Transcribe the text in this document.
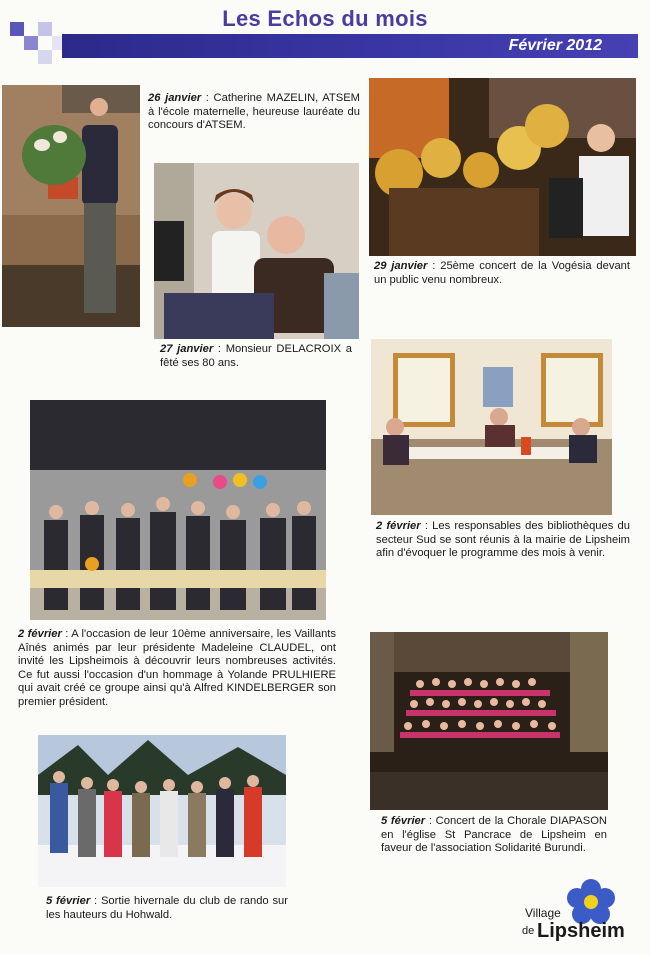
Les Echos du mois
Février 2012
26 janvier : Catherine MAZELIN, ATSEM à l'école maternelle, heureuse lauréate du concours d'ATSEM.
27 janvier : Monsieur DELACROIX a fêté ses 80 ans.
29 janvier : 25ème concert de la Vogésia devant un public venu nombreux.
2 février : Les responsables des bibliothèques du secteur Sud se sont réunis à la mairie de Lipsheim afin d'évoquer le programme des mois à venir.
2 février : A l'occasion de leur 10ème anniversaire, les Vaillants Aînés animés par leur présidente Madeleine CLAUDEL, ont invité les Lipsheimois à découvrir leurs nombreuses activités. Ce fut aussi l'occasion d'un hommage à Yolande PRULHIERE qui avait créé ce groupe ainsi qu'à Alfred KINDELBERGER son premier président.
5 février : Concert de la Chorale DIAPASON en l'église St Pancrace de Lipsheim en faveur de l'association Solidarité Burundi.
5 février : Sortie hivernale du club de rando sur les hauteurs du Hohwald.	Village
de Lipsheim
